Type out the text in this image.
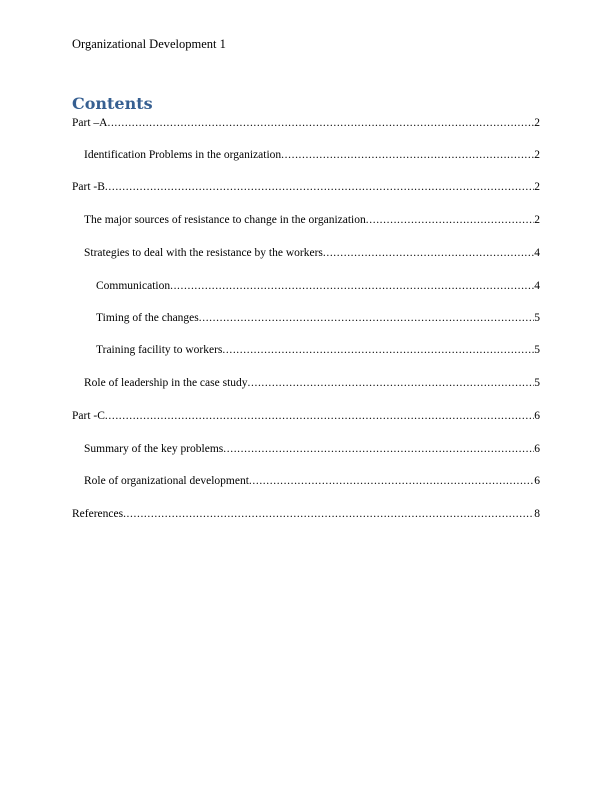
Organizational Development 1
Contents
Part –A .....	2
Identification Problems in the organization .....	2
Part -B .....	2
The major sources of resistance to change in the organization .....	2
Strategies to deal with the resistance by the workers .....	4
Communication .....	4
Timing of the changes .....	5
Training facility to workers .....	5
Role of leadership in the case study .....	5
Part -C .....	6
Summary of the key problems .....	6
Role of organizational development .....	6
References .....	8
